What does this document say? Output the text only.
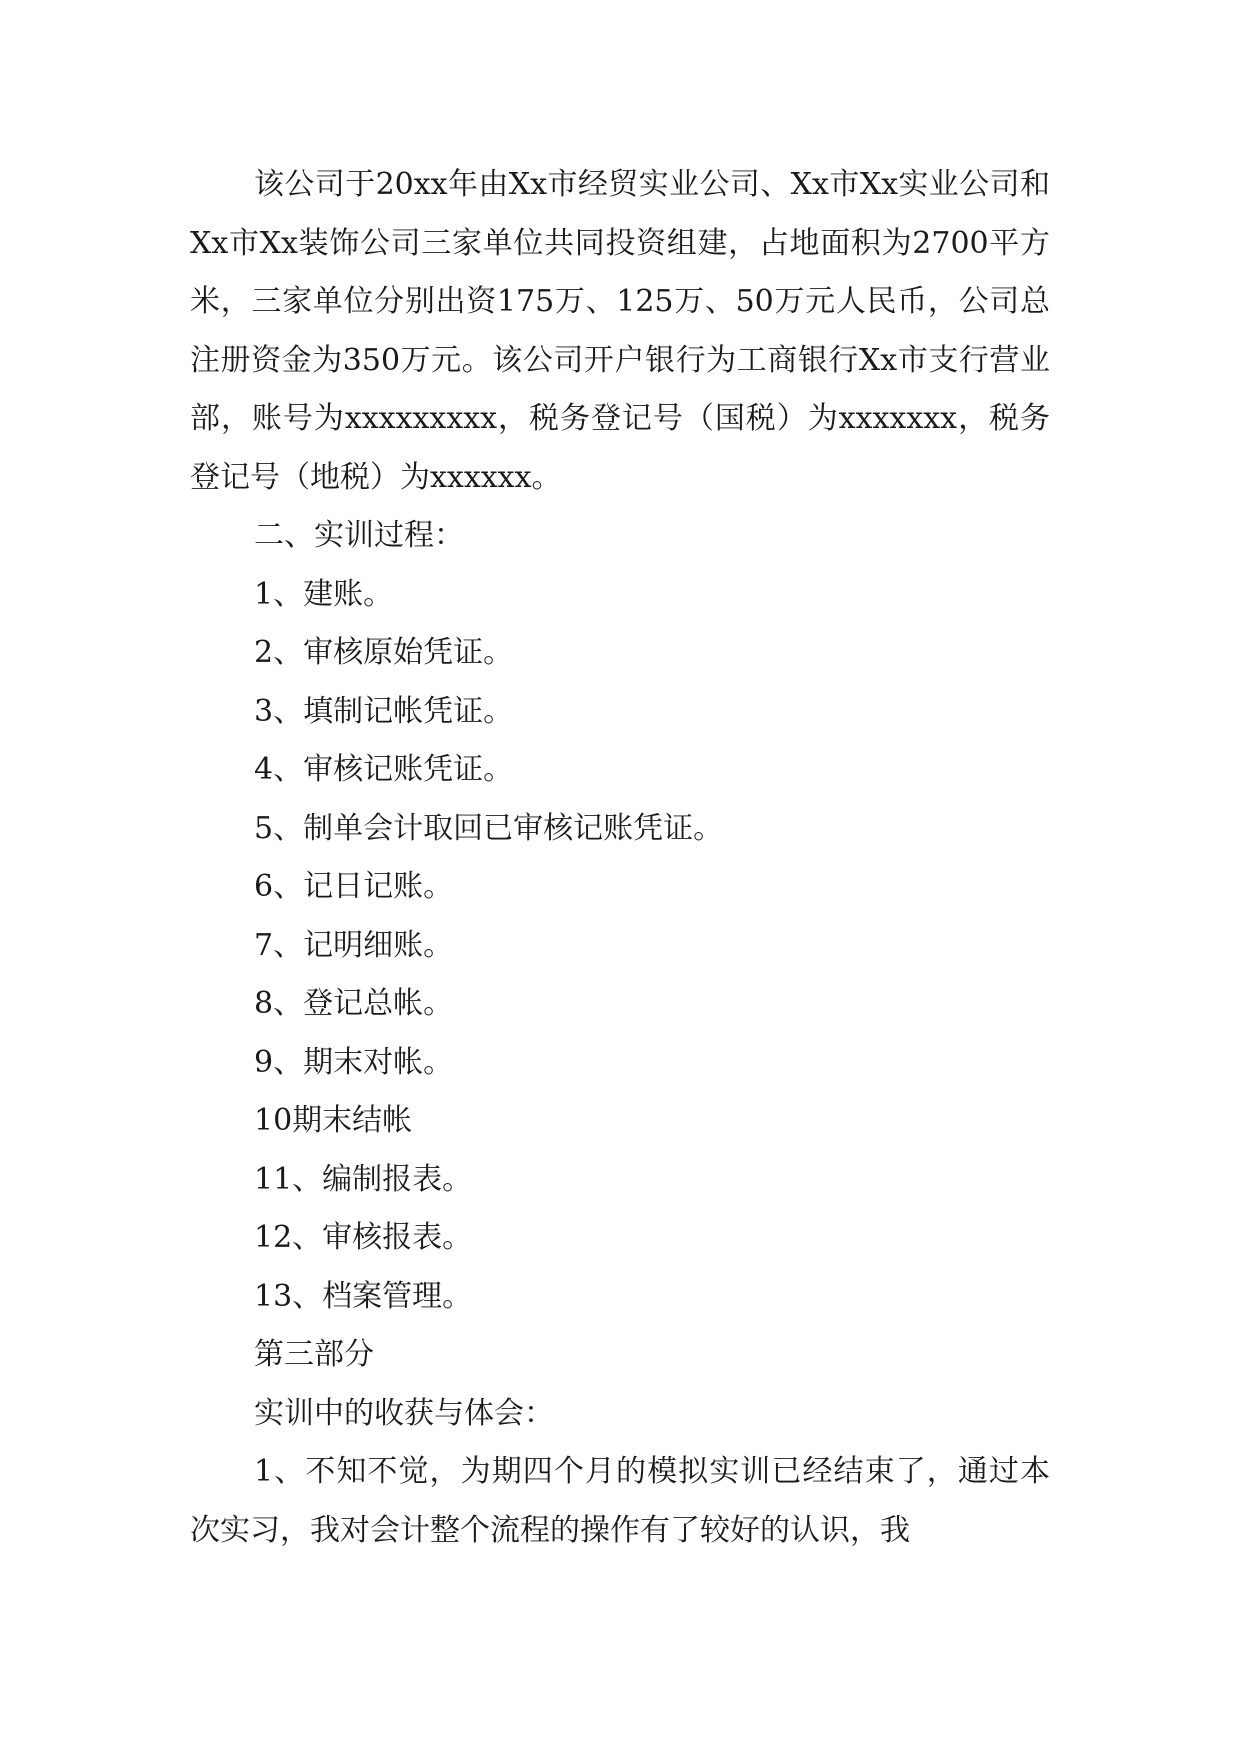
该公司于20xx年由Xx市经贸实业公司、Xx市Xx实业公司和Xx市Xx装饰公司三家单位共同投资组建，占地面积为2700平方米，三家单位分别出资175万、125万、50万元人民币，公司总注册资金为350万元。该公司开户银行为工商银行Xx市支行营业部，账号为xxxxxxxxx，税务登记号（国税）为xxxxxxx，税务登记号（地税）为xxxxxx。

二、实训过程：

1、建账。

2、审核原始凭证。

3、填制记帐凭证。

4、审核记账凭证。

5、制单会计取回已审核记账凭证。

6、记日记账。

7、记明细账。

8、登记总帐。

9、期末对帐。

10期末结帐

11、编制报表。

12、审核报表。

13、档案管理。

第三部分

实训中的收获与体会：

1、不知不觉，为期四个月的模拟实训已经结束了，通过本次实习，我对会计整个流程的操作有了较好的认识，我
